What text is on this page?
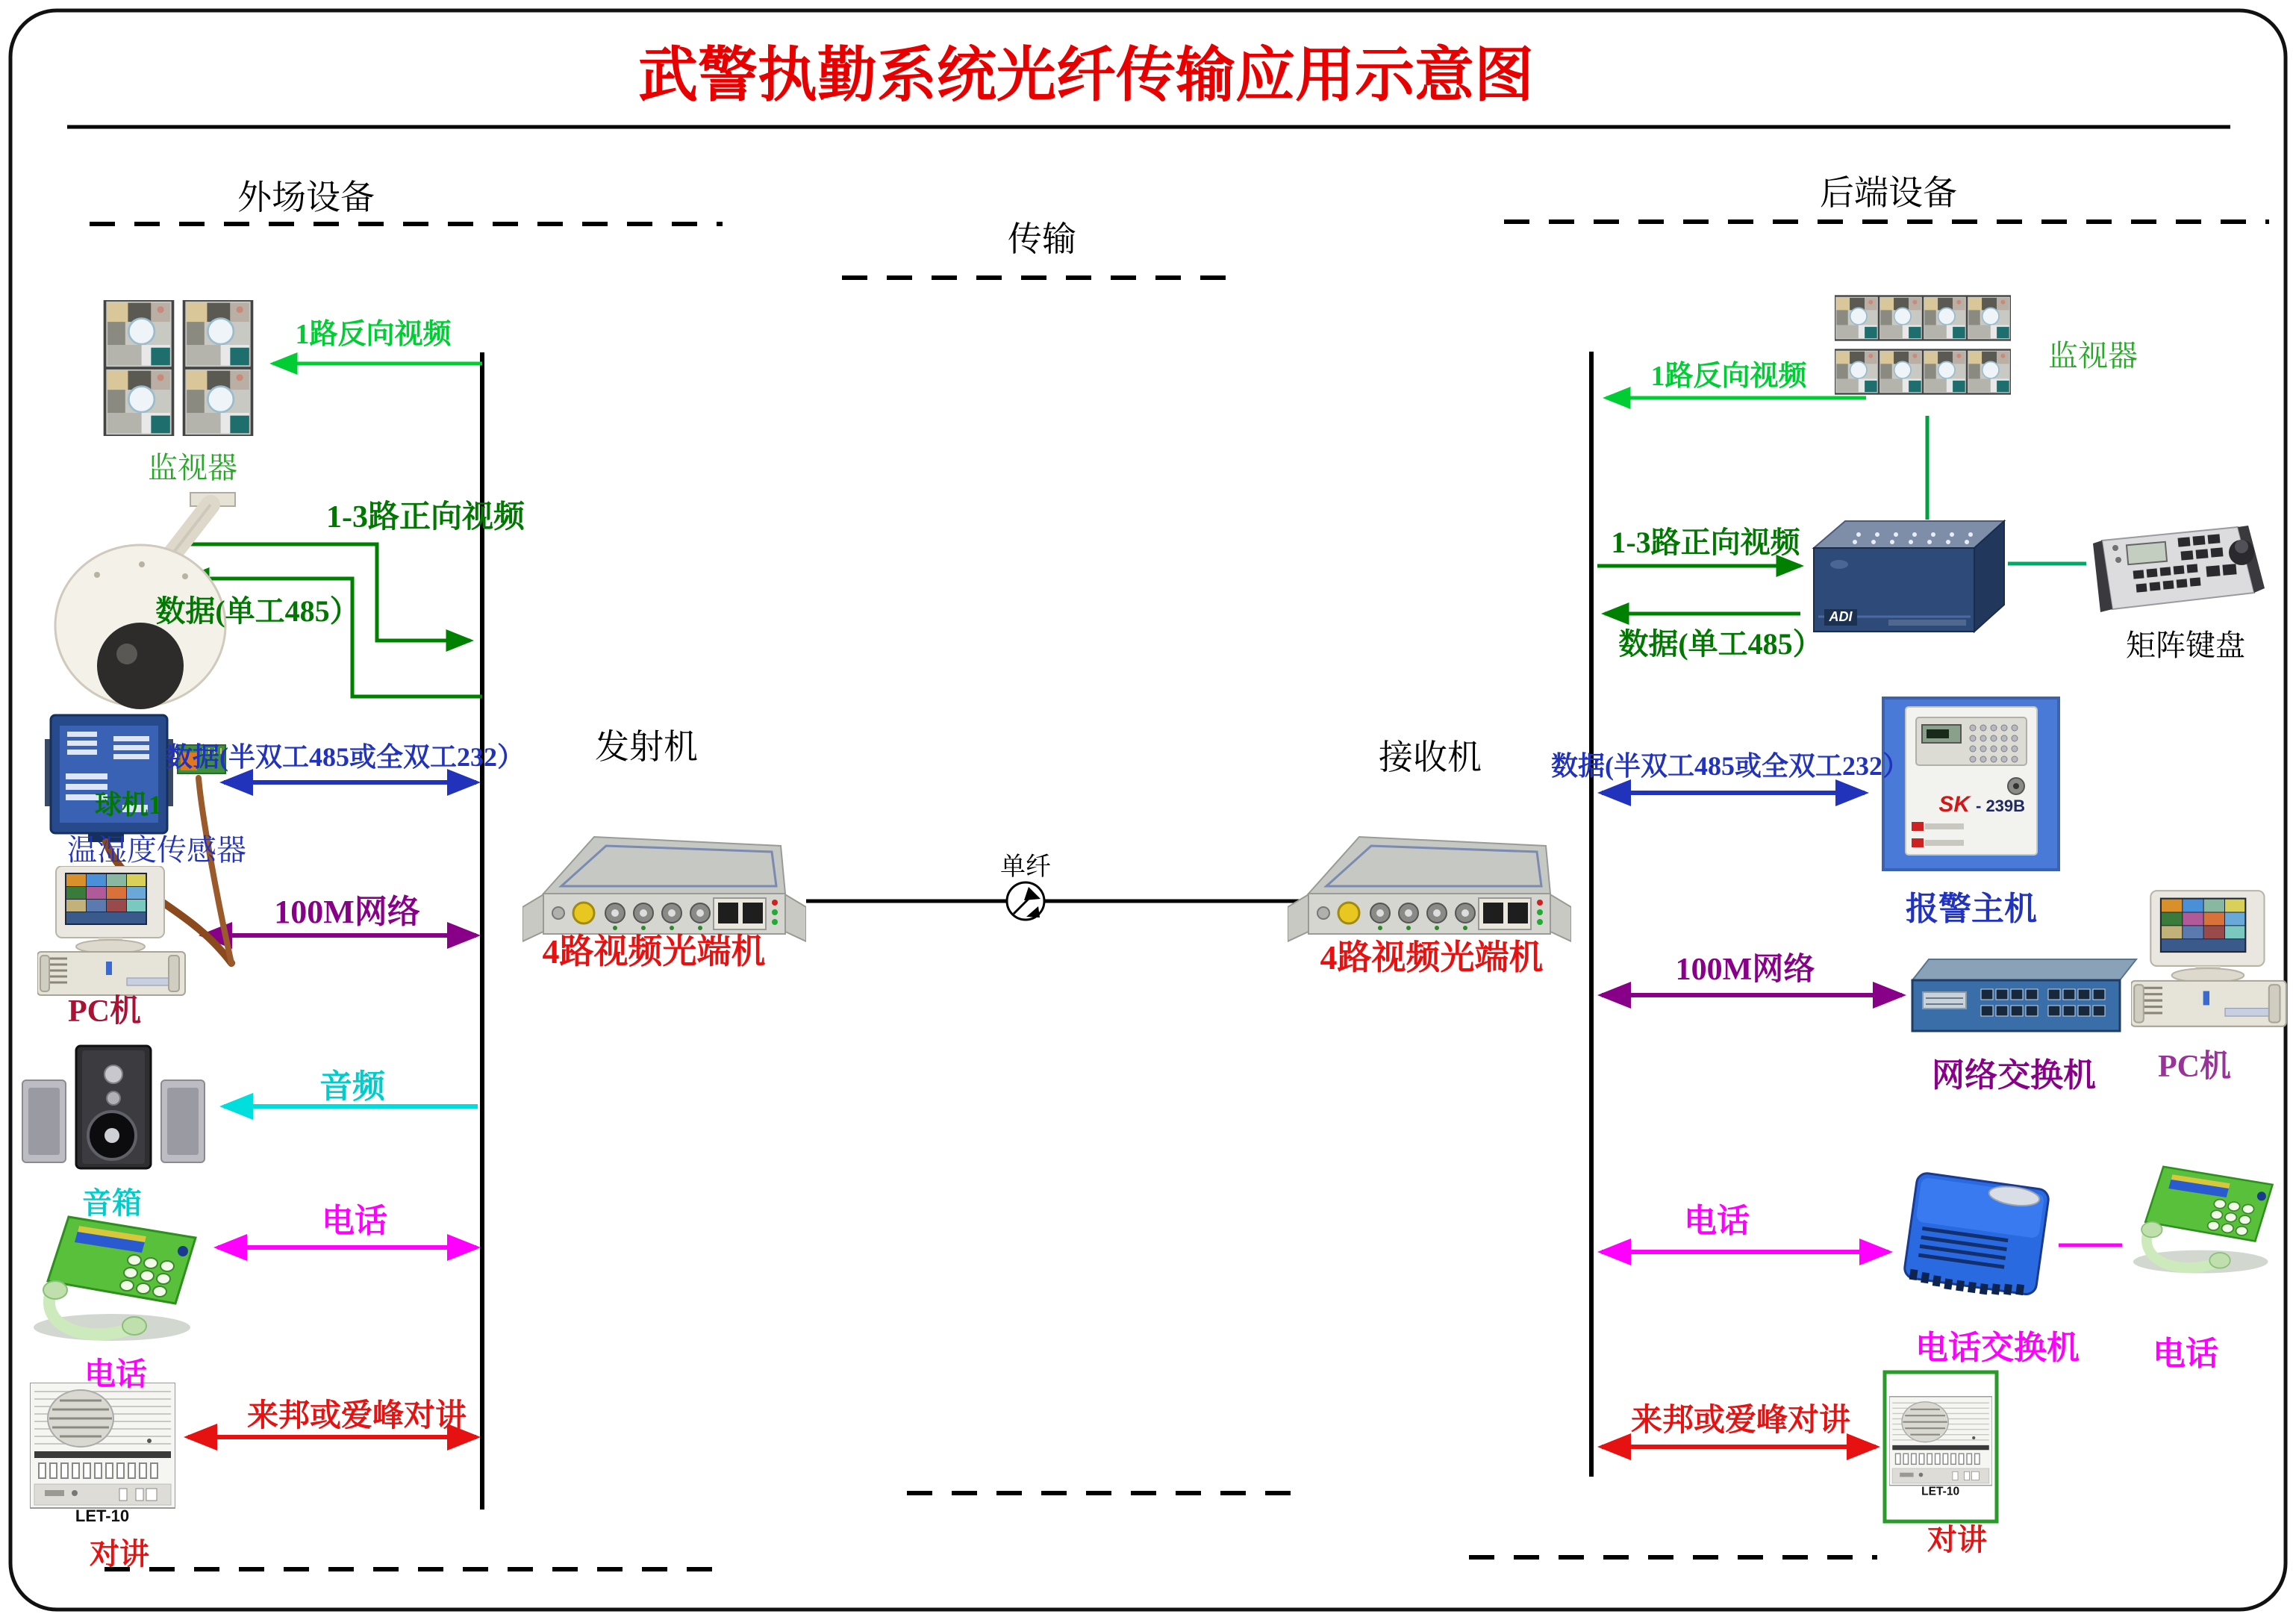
武警执勤系统光纤传输应用示意图
外场设备
传输
后端设备
ADI
SK - 239B
监视器
1路反向视频
球机1
1-3路正向视频
数据(单工485）
温湿度传感器
数据(半双工485或全双工232）
PC机
100M网络
音箱
音频
电话
电话
对讲
来邦或爱峰对讲
发射机
4路视频光端机
单纤
接收机
4路视频光端机
监视器
1路反向视频
1-3路正向视频
数据(单工485）	矩阵键盘
数据(半双工485或全双工232）
报警主机
100M网络
网络交换机 PC机
电话
电话交换机 电话
来邦或爱峰对讲
对讲
